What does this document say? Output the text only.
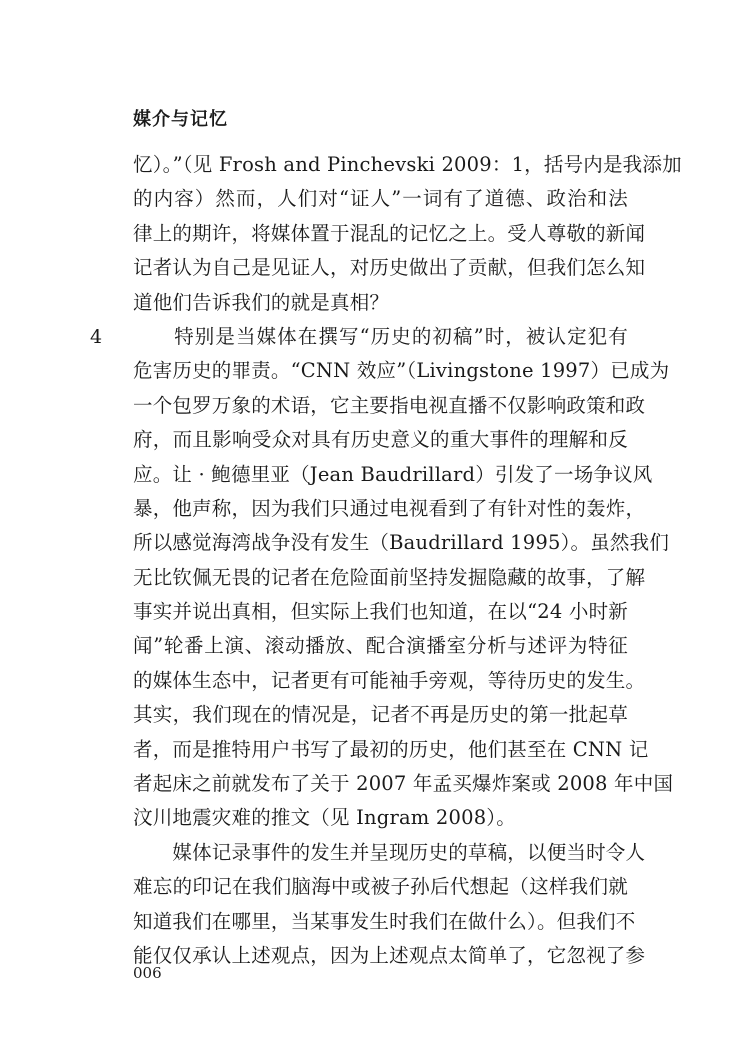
媒介与记忆
4
忆）。”（见 Frosh and Pinchevski 2009：1，括号内是我添加
的内容）然而，人们对“证人”一词有了道德、政治和法
律上的期许，将媒体置于混乱的记忆之上。受人尊敬的新闻
记者认为自己是见证人，对历史做出了贡献，但我们怎么知
道他们告诉我们的就是真相？
　　特别是当媒体在撰写“历史的初稿”时，被认定犯有
危害历史的罪责。“CNN 效应”（Livingstone 1997）已成为
一个包罗万象的术语，它主要指电视直播不仅影响政策和政
府，而且影响受众对具有历史意义的重大事件的理解和反
应。让 · 鲍德里亚（Jean Baudrillard）引发了一场争议风
暴，他声称，因为我们只通过电视看到了有针对性的轰炸，
所以感觉海湾战争没有发生（Baudrillard 1995）。虽然我们
无比钦佩无畏的记者在危险面前坚持发掘隐藏的故事，了解
事实并说出真相，但实际上我们也知道，在以“24 小时新
闻”轮番上演、滚动播放、配合演播室分析与述评为特征
的媒体生态中，记者更有可能袖手旁观，等待历史的发生。
其实，我们现在的情况是，记者不再是历史的第一批起草
者，而是推特用户书写了最初的历史，他们甚至在 CNN 记
者起床之前就发布了关于 2007 年孟买爆炸案或 2008 年中国
汶川地震灾难的推文（见 Ingram 2008）。
　　媒体记录事件的发生并呈现历史的草稿，以便当时令人
难忘的印记在我们脑海中或被子孙后代想起（这样我们就
知道我们在哪里，当某事发生时我们在做什么）。但我们不
能仅仅承认上述观点，因为上述观点太简单了，它忽视了参
006
